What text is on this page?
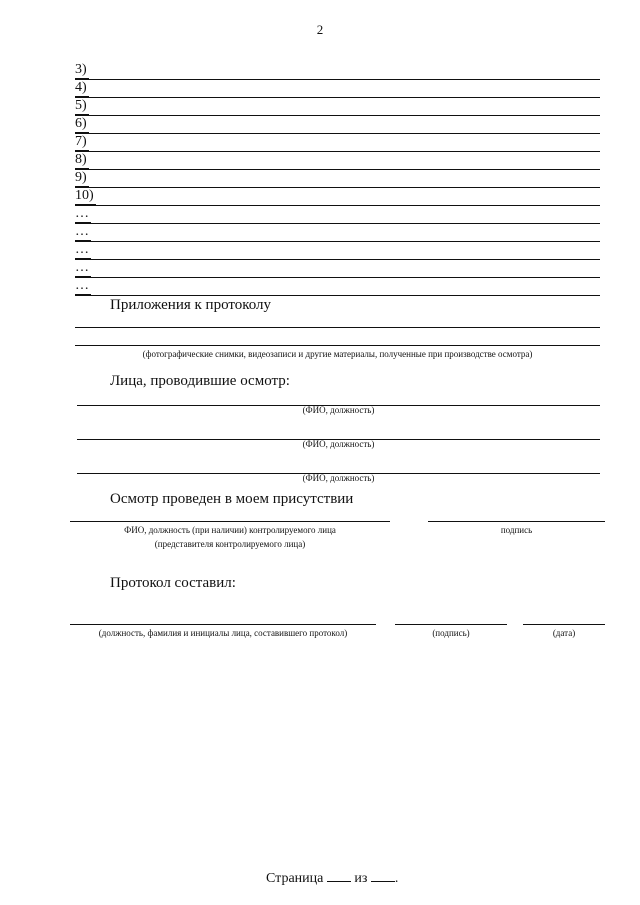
2
3)
4)
5)
6)
7)
8)
9)
10)
…
…
…
…
…
Приложения к протоколу
(фотографические снимки, видеозаписи и другие материалы, полученные при производстве осмотра)
Лица, проводившие осмотр:
(ФИО, должность)
(ФИО, должность)
(ФИО, должность)
Осмотр проведен в моем присутствии
ФИО, должность (при наличии) контролируемого лица
(представителя контролируемого лица)
подпись
Протокол составил:
(должность, фамилия и инициалы лица, составившего протокол)	(подпись)	(дата)
Страница из .
